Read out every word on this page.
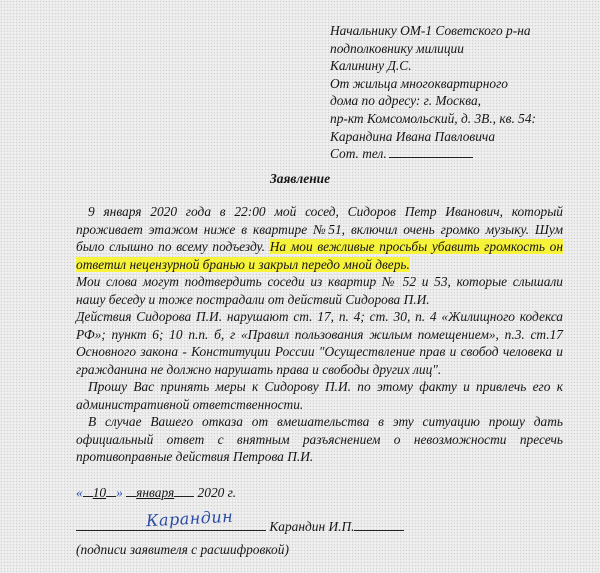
Начальнику ОМ-1 Советского р-на
подполковнику милиции
Калинину Д.С.
От жильца многоквартирного
дома по адресу: г. Москва,
пр-кт Комсомольский, д. 3В., кв. 54:
Карандина Ивана Павловича
Сот. тел.
Заявление

9 января 2020 года в 22:00 мой сосед, Сидоров Петр Иванович, который проживает этажом ниже в квартире №51, включил очень громко музыку. Шум было слышно по всему подъезду. На мои вежливые просьбы убавить громкость он ответил нецензурной бранью и закрыл передо мной дверь.

Мои слова могут подтвердить соседи из квартир № 52 и 53, которые слышали нашу беседу и тоже пострадали от действий Сидорова П.И.

Действия Сидорова П.И. нарушают ст. 17, п. 4; ст. 30, п. 4 «Жилищного кодекса РФ»; пункт 6; 10 п.п. б, г «Правил пользования жилым помещением», п.3. ст.17 Основного закона - Конституции России "Осуществление прав и свобод человека и гражданина не должно нарушать права и свободы других лиц".

Прошу Вас принять меры к Сидорову П.И. по этому факту и привлечь его к административной ответственности.

В случае Вашего отказа от вмешательства в эту ситуацию прошу дать официальный ответ с внятным разъяснением о невозможности пресечь противоправные действия Петрова П.И.

« 10 » января 2020 г.
Карандин	Карандин И.П.
(подписи заявителя с расшифровкой)
